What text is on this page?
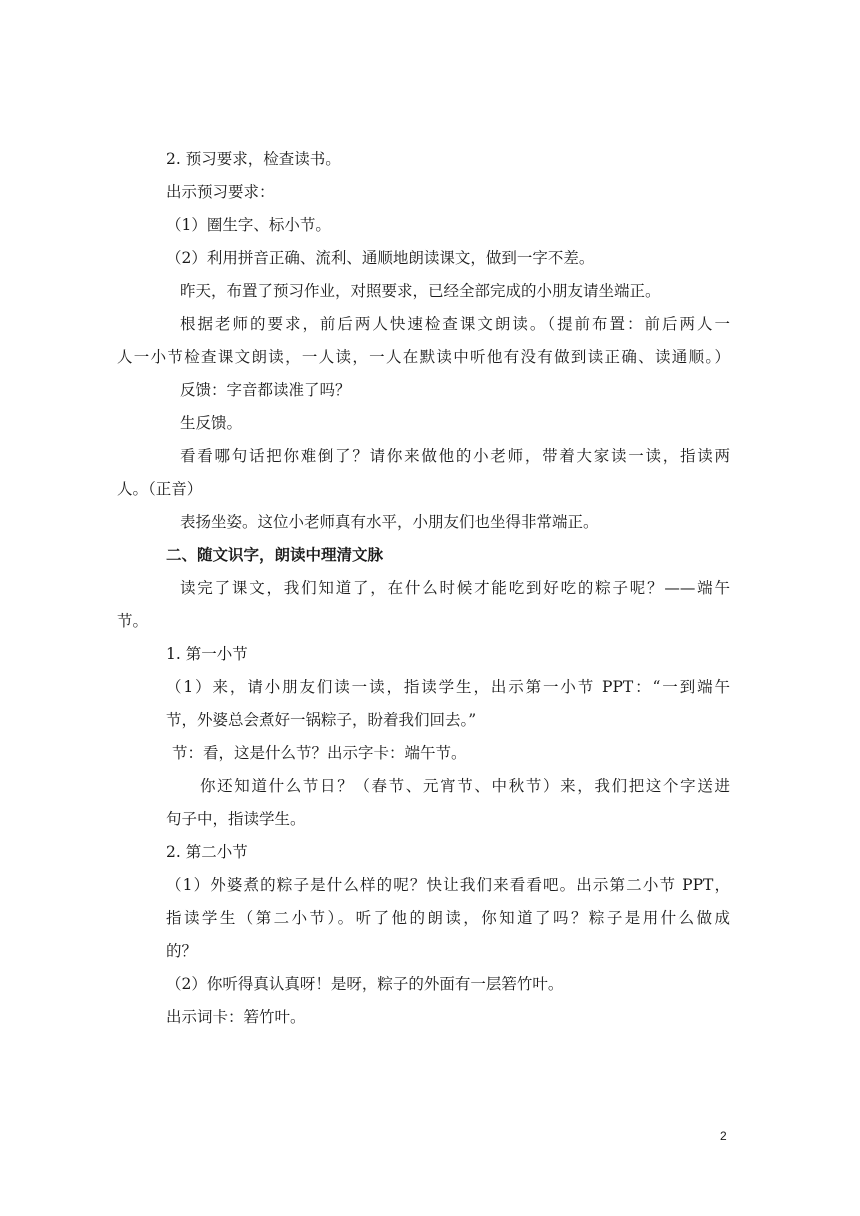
2. 预习要求，检查读书。

出示预习要求：

（1）圈生字、标小节。

（2）利用拼音正确、流利、通顺地朗读课文，做到一字不差。

昨天，布置了预习作业，对照要求，已经全部完成的小朋友请坐端正。

根据老师的要求，前后两人快速检查课文朗读。（提前布置：前后两人一

人一小节检查课文朗读，一人读，一人在默读中听他有没有做到读正确、读通顺。）

反馈：字音都读准了吗？

生反馈。

看看哪句话把你难倒了？请你来做他的小老师，带着大家读一读，指读两

人。（正音）

表扬坐姿。这位小老师真有水平，小朋友们也坐得非常端正。

二、随文识字，朗读中理清文脉

读完了课文，我们知道了，在什么时候才能吃到好吃的粽子呢？——端午

节。

1. 第一小节

（1）来，请小朋友们读一读，指读学生，出示第一小节 PPT：“一到端午

节，外婆总会煮好一锅粽子，盼着我们回去。”

节：看，这是什么节？出示字卡：端午节。

你还知道什么节日？（春节、元宵节、中秋节）来，我们把这个字送进

句子中，指读学生。

2. 第二小节

（1）外婆煮的粽子是什么样的呢？快让我们来看看吧。出示第二小节 PPT，

指读学生（第二小节）。听了他的朗读，你知道了吗？粽子是用什么做成

的？

（2）你听得真认真呀！是呀，粽子的外面有一层箬竹叶。

出示词卡：箬竹叶。

2
